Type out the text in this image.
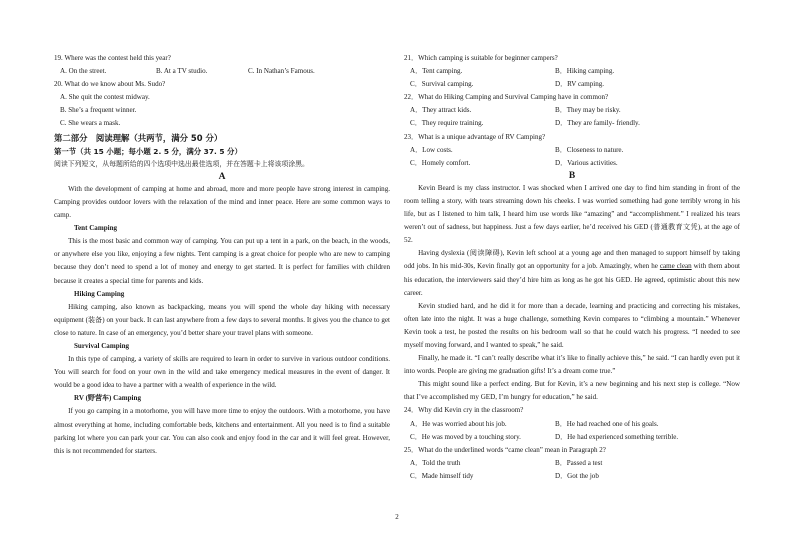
19. Where was the contest held this year?

A. On the street.	B. At a TV studio.	C. In Nathan’s Famous.

20. What do we know about Ms. Sudo?

A. She quit the contest midway.

B. She’s a frequent winner.

C. She wears a mask.

第二部分　阅读理解（共两节，满分 50 分）

第一节（共 15 小题；每小题 2. 5 分，满分 37. 5 分）

阅读下列短文，从每题所给的四个选项中选出最佳选项，并在答题卡上将该项涂黑。

A

With the development of camping at home and abroad, more and more people have strong interest in camping. Camping provides outdoor lovers with the relaxation of the mind and inner peace. Here are some common ways to camp.

Tent Camping

This is the most basic and common way of camping. You can put up a tent in a park, on the beach, in the woods, or anywhere else you like, enjoying a few nights. Tent camping is a great choice for people who are new to camping because they don’t need to spend a lot of money and energy to get started. It is perfect for families with children because it creates a special time for parents and kids.

Hiking Camping

Hiking camping, also known as backpacking, means you will spend the whole day hiking with necessary equipment (装备) on your back. It can last anywhere from a few days to several months. It gives you the chance to get close to nature. In case of an emergency, you’d better share your travel plans with someone.

Survival Camping

In this type of camping, a variety of skills are required to learn in order to survive in various outdoor conditions. You will search for food on your own in the wild and take emergency medical measures in the event of danger. It would be a good idea to have a partner with a wealth of experience in the wild.

RV (野营车) Camping

If you go camping in a motorhome, you will have more time to enjoy the outdoors. With a motorhome, you have almost everything at home, including comfortable beds, kitchens and entertainment. All you need is to find a suitable parking lot where you can park your car. You can also cook and enjoy food in the car and it will feel great. However, this is not recommended for starters.

21．Which camping is suitable for beginner campers?

A．Tent camping.	B．Hiking camping.
C．Survival camping.	D．RV camping.

22．What do Hiking Camping and Survival Camping have in common?

A．They attract kids.	B．They may be risky.
C．They require training.	D．They are family- friendly.

23．What is a unique advantage of RV Camping?

A．Low costs.	B．Closeness to nature.
C．Homely comfort.	D．Various activities.

B

Kevin Beard is my class instructor. I was shocked when I arrived one day to find him standing in front of the room telling a story, with tears streaming down his cheeks. I was worried something had gone terribly wrong in his life, but as I listened to him talk, I heard him use words like “amazing” and “accomplishment.” I realized his tears weren’t out of sadness, but happiness. Just a few days earlier, he’d received his GED (普通教育文凭), at the age of 52.

Having dyslexia (阅读障碍), Kevin left school at a young age and then managed to support himself by taking odd jobs. In his mid-30s, Kevin finally got an opportunity for a job. Amazingly, when he came clean with them about his education, the interviewers said they’d hire him as long as he got his GED. He agreed, optimistic about this new career.

Kevin studied hard, and he did it for more than a decade, learning and practicing and correcting his mistakes, often late into the night. It was a huge challenge, something Kevin compares to “climbing a mountain.” Whenever Kevin took a test, he posted the results on his bedroom wall so that he could watch his progress. “I needed to see myself moving forward, and I wanted to speak,” he said.

Finally, he made it. “I can’t really describe what it’s like to finally achieve this,” he said. “I can hardly even put it into words. People are giving me graduation gifts! It’s a dream come true.”

This might sound like a perfect ending. But for Kevin, it’s a new beginning and his next step is college. “Now that I’ve accomplished my GED, I’m hungry for education,” he said.

24．Why did Kevin cry in the classroom?

A．He was worried about his job.	B．He had reached one of his goals.
C．He was moved by a touching story.	D．He had experienced something terrible.

25．What do the underlined words “came clean” mean in Paragraph 2?

A．Told the truth	B．Passed a test
C．Made himself tidy	D．Got the job
2
